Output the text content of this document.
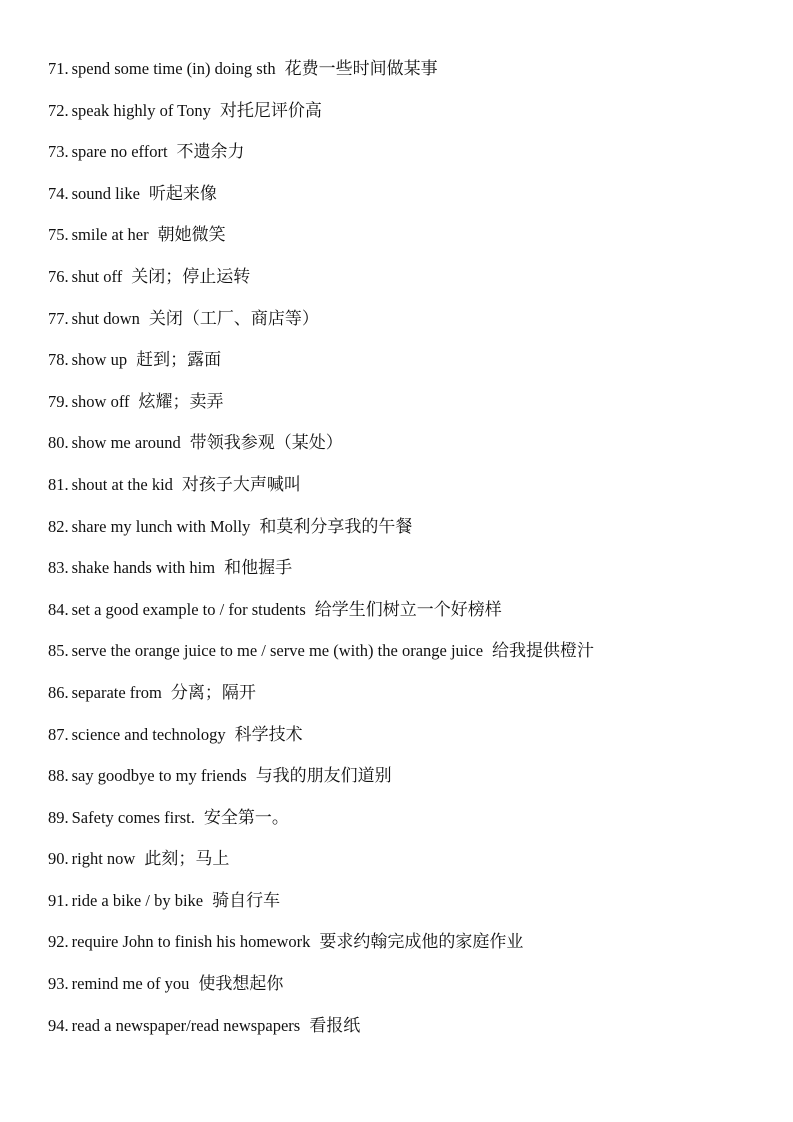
71. spend some time (in) doing sth 花费一些时间做某事
72. speak highly of Tony 对托尼评价高
73. spare no effort 不遗余力
74. sound like 听起来像
75. smile at her 朝她微笑
76. shut off 关闭；停止运转
77. shut down 关闭（工厂、商店等）
78. show up 赶到；露面
79. show off 炫耀；卖弄
80. show me around 带领我参观（某处）
81. shout at the kid 对孩子大声喊叫
82. share my lunch with Molly 和莫利分享我的午餐
83. shake hands with him 和他握手
84. set a good example to / for students 给学生们树立一个好榜样
85. serve the orange juice to me / serve me (with) the orange juice 给我提供橙汁
86. separate from 分离；隔开
87. science and technology 科学技术
88. say goodbye to my friends 与我的朋友们道别
89. Safety comes first. 安全第一。
90. right now 此刻；马上
91. ride a bike / by bike 骑自行车
92. require John to finish his homework 要求约翰完成他的家庭作业
93. remind me of you 使我想起你
94. read a newspaper/read newspapers 看报纸
